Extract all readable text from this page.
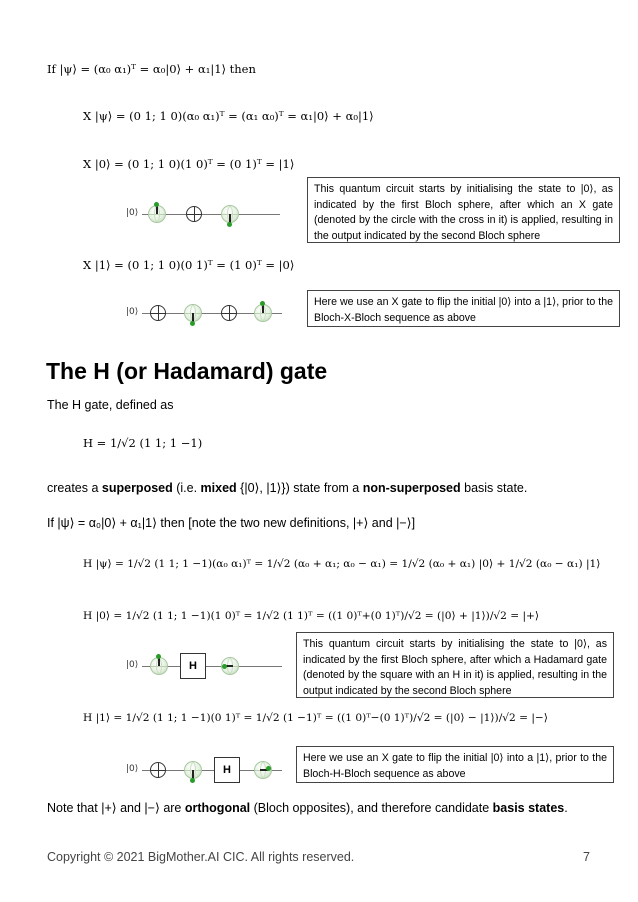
If |ψ⟩ = (α₀ α₁)ᵀ = α₀|0⟩ + α₁|1⟩ then
X |ψ⟩ = (0 1; 1 0)(α₀ α₁)ᵀ = (α₁ α₀)ᵀ = α₁|0⟩ + α₀|1⟩
X |0⟩ = (0 1; 1 0)(1 0)ᵀ = (0 1)ᵀ = |1⟩
|0⟩
This quantum circuit starts by initialising the state to |0⟩, as indicated by the first Bloch sphere, after which an X gate (denoted by the circle with the cross in it) is applied, resulting in the output indicated by the second Bloch sphere
X |1⟩ = (0 1; 1 0)(0 1)ᵀ = (1 0)ᵀ = |0⟩
|0⟩
Here we use an X gate to flip the initial |0⟩ into a |1⟩, prior to the Bloch-X-Bloch sequence as above
The H (or Hadamard) gate
The H gate, defined as
H = 1/√2 (1 1; 1 −1)
creates a superposed (i.e. mixed {|0⟩, |1⟩}) state from a non-superposed basis state.
If |ψ⟩ = α₀|0⟩ + α₁|1⟩ then [note the two new definitions, |+⟩ and |−⟩]
H |ψ⟩ = 1/√2 (1 1; 1 −1)(α₀ α₁)ᵀ = 1/√2 (α₀ + α₁; α₀ − α₁) = 1/√2 (α₀ + α₁) |0⟩ + 1/√2 (α₀ − α₁) |1⟩
H |0⟩ = 1/√2 (1 1; 1 −1)(1 0)ᵀ = 1/√2 (1 1)ᵀ = ((1 0)ᵀ+(0 1)ᵀ)/√2 = (|0⟩ + |1⟩)/√2 = |+⟩
|0⟩	H
This quantum circuit starts by initialising the state to |0⟩, as indicated by the first Bloch sphere, after which a Hadamard gate (denoted by the square with an H in it) is applied, resulting in the output indicated by the second Bloch sphere
H |1⟩ = 1/√2 (1 1; 1 −1)(0 1)ᵀ = 1/√2 (1 −1)ᵀ = ((1 0)ᵀ−(0 1)ᵀ)/√2 = (|0⟩ − |1⟩)/√2 = |−⟩
|0⟩	H
Here we use an X gate to flip the initial |0⟩ into a |1⟩, prior to the Bloch-H-Bloch sequence as above
Note that |+⟩ and |−⟩ are orthogonal (Bloch opposites), and therefore candidate basis states.
Copyright © 2021 BigMother.AI CIC. All rights reserved.	7
